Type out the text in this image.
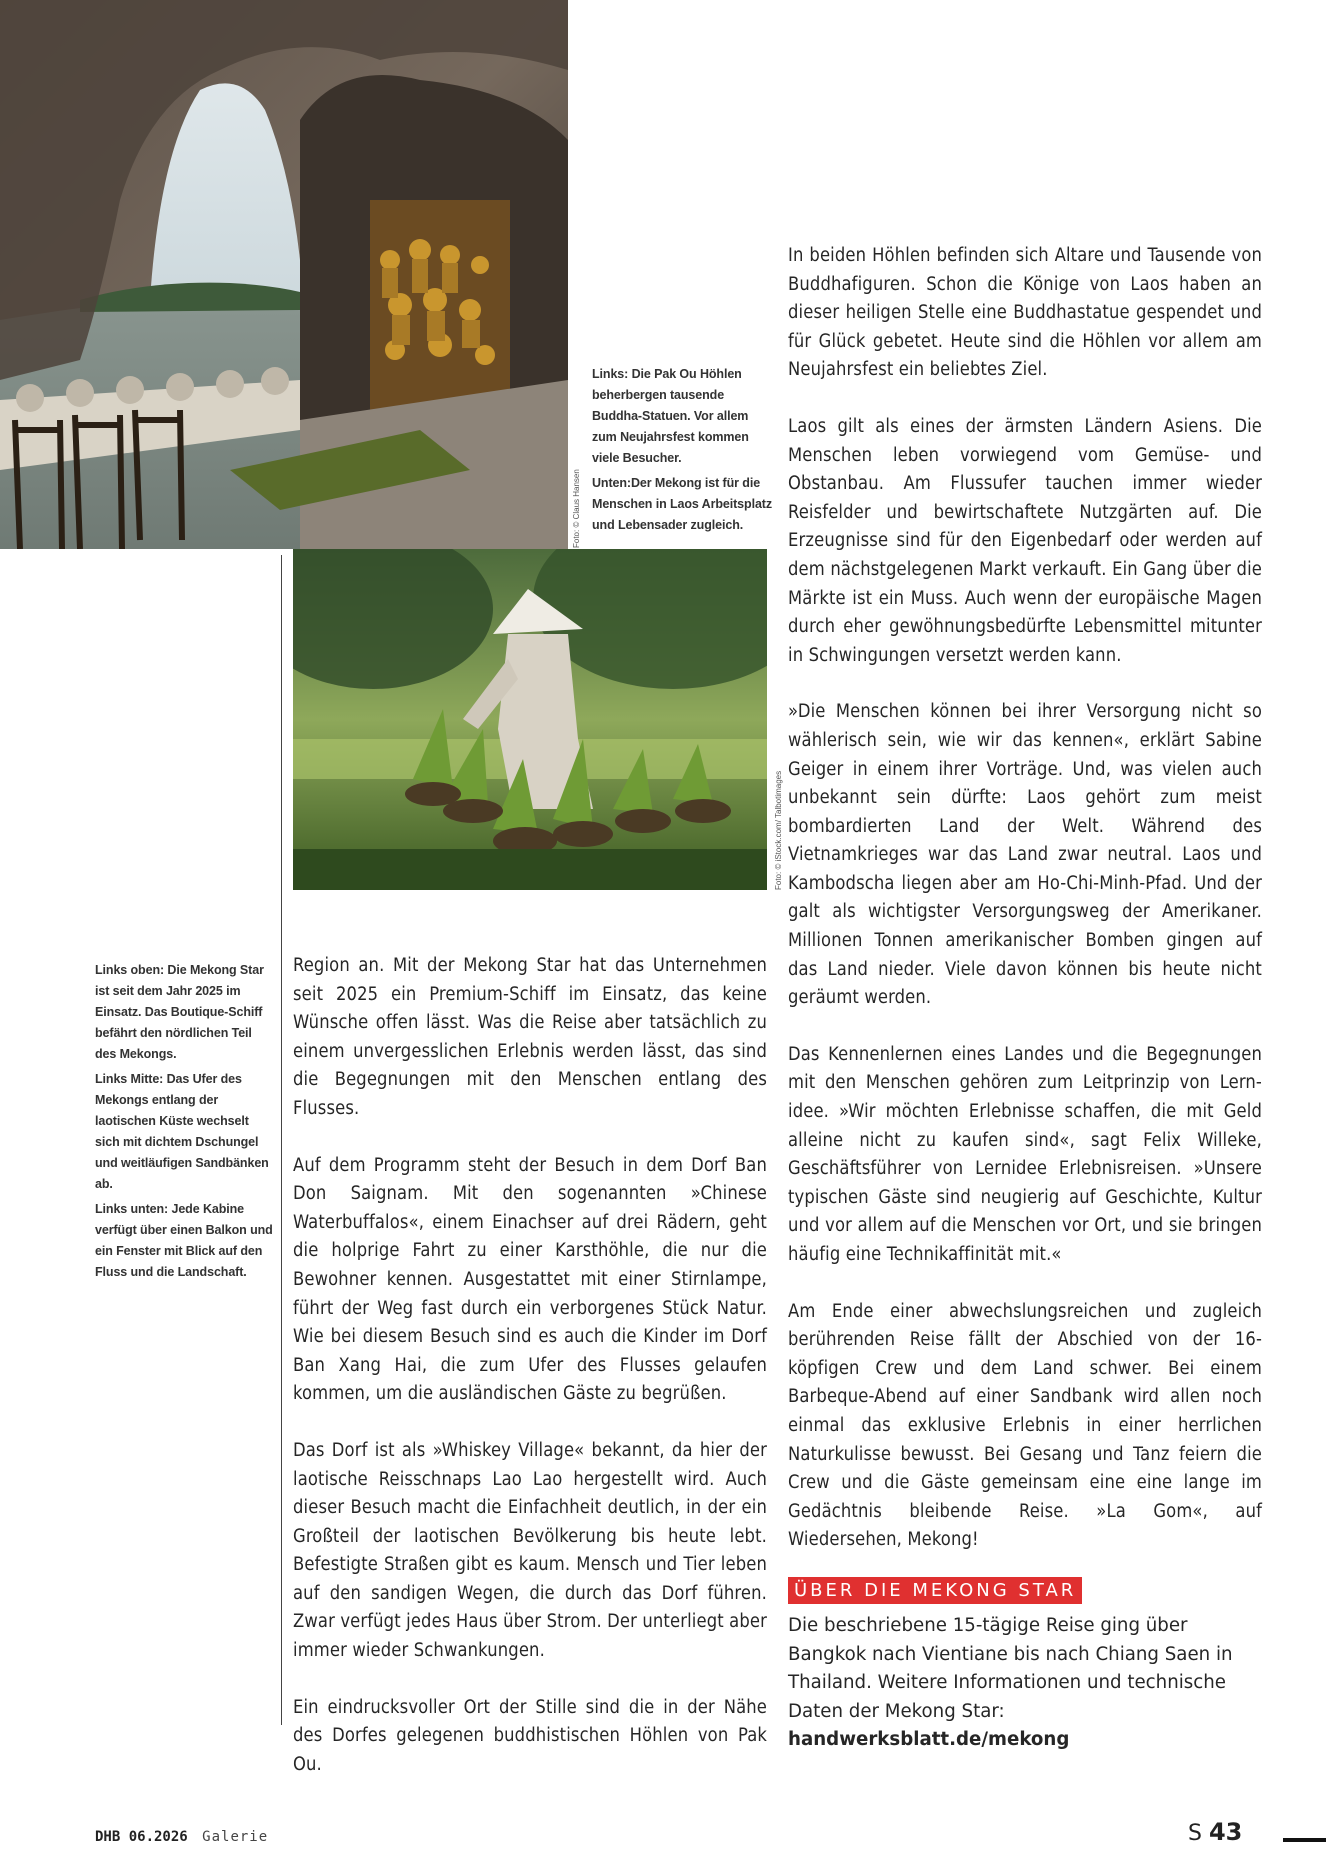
Foto: © Claus Hansen

Links: Die Pak Ou Höhlen beherbergen tausende Buddha-Statuen. Vor allem zum Neujahrsfest kommen viele Besucher.

Unten:Der Mekong ist für die Menschen in Laos Arbeitsplatz und Lebensader zugleich.

Foto: © iStock.com/ Talbotimages

Links oben: Die Mekong Star ist seit dem Jahr 2025 im Einsatz. Das Boutique-Schiff befährt den nördlichen Teil des Mekongs.

Links Mitte: Das Ufer des Mekongs entlang der laotischen Küste wechselt sich mit dichtem Dschungel und weitläufigen Sandbänken ab.

Links unten: Jede Kabine verfügt über einen Balkon und ein Fenster mit Blick auf den Fluss und die Landschaft.

Region an. Mit der Mekong Star hat das Unternehmen seit 2025 ein Premium-Schiff im Einsatz, das keine Wünsche offen lässt. Was die Reise aber tatsächlich zu einem unvergesslichen Erlebnis werden lässt, das sind die Begegnungen mit den Menschen entlang des Flusses.

Auf dem Programm steht der Besuch in dem Dorf Ban Don Saignam. Mit den sogenannten »Chinese Waterbuffalos«, einem Einachser auf drei Rädern, geht die holprige Fahrt zu einer Karsthöhle, die nur die Bewohner kennen. Ausgestattet mit einer Stirnlampe, führt der Weg fast durch ein verborgenes Stück Natur. Wie bei diesem Besuch sind es auch die Kinder im Dorf Ban Xang Hai, die zum Ufer des Flusses gelaufen kommen, um die ausländischen Gäste zu begrüßen.

Das Dorf ist als »Whiskey Village« bekannt, da hier der laotische Reisschnaps Lao Lao hergestellt wird. Auch dieser Besuch macht die Einfachheit deutlich, in der ein Großteil der laotischen Bevölkerung bis heute lebt. Befestigte Straßen gibt es kaum. Mensch und Tier leben auf den sandigen Wegen, die durch das Dorf führen. Zwar verfügt jedes Haus über Strom. Der unterliegt aber immer wieder Schwankungen.

Ein eindrucksvoller Ort der Stille sind die in der Nähe des Dorfes gelegenen buddhistischen Höhlen von Pak Ou.

In beiden Höhlen befinden sich Altare und Tausende von Buddhafiguren. Schon die Könige von Laos haben an dieser heiligen Stelle eine Buddhastatue gespendet und für Glück gebetet. Heute sind die Höhlen vor allem am Neujahrsfest ein beliebtes Ziel.

Laos gilt als eines der ärmsten Ländern Asiens. Die Menschen leben vorwiegend vom Gemüse- und Obstanbau. Am Flussufer tauchen immer wieder Reisfelder und bewirtschaftete Nutzgärten auf. Die Erzeugnisse sind für den Eigenbedarf oder werden auf dem nächstgelegenen Markt verkauft. Ein Gang über die Märkte ist ein Muss. Auch wenn der europäische Magen durch eher gewöhnungsbedürfte Lebensmittel mitunter in Schwingungen versetzt werden kann.

»Die Menschen können bei ihrer Versorgung nicht so wählerisch sein, wie wir das kennen«, erklärt Sabine Geiger in einem ihrer Vorträge. Und, was vielen auch unbekannt sein dürfte: Laos gehört zum meist bombardierten Land der Welt. Während des Vietnamkrieges war das Land zwar neutral. Laos und Kambodscha liegen aber am Ho-Chi-Minh-Pfad. Und der galt als wichtigster Versorgungsweg der Amerikaner. Millionen Tonnen amerikanischer Bomben gingen auf das Land nieder. Viele davon können bis heute nicht geräumt werden.

Das Kennenlernen eines Landes und die Begegnungen mit den Menschen gehören zum Leitprinzip von Lern-idee. »Wir möchten Erlebnisse schaffen, die mit Geld alleine nicht zu kaufen sind«, sagt Felix Willeke, Geschäftsführer von Lernidee Erlebnisreisen. »Unsere typischen Gäste sind neugierig auf Geschichte, Kultur und vor allem auf die Menschen vor Ort, und sie bringen häufig eine Technikaffinität mit.«

Am Ende einer abwechslungsreichen und zugleich berührenden Reise fällt der Abschied von der 16-köpfigen Crew und dem Land schwer. Bei einem Barbeque-Abend auf einer Sandbank wird allen noch einmal das exklusive Erlebnis in einer herrlichen Naturkulisse bewusst. Bei Gesang und Tanz feiern die Crew und die Gäste gemeinsam eine eine lange im Gedächtnis bleibende Reise. »La Gom«, auf Wiedersehen, Mekong!

ÜBER DIE MEKONG STAR
Die beschriebene 15-tägige Reise ging über Bangkok nach Vientiane bis nach Chiang Saen in Thailand. Weitere Informationen und technische Daten der Mekong Star:
handwerksblatt.de/mekong
DHB 06.2026 Galerie	S 43
